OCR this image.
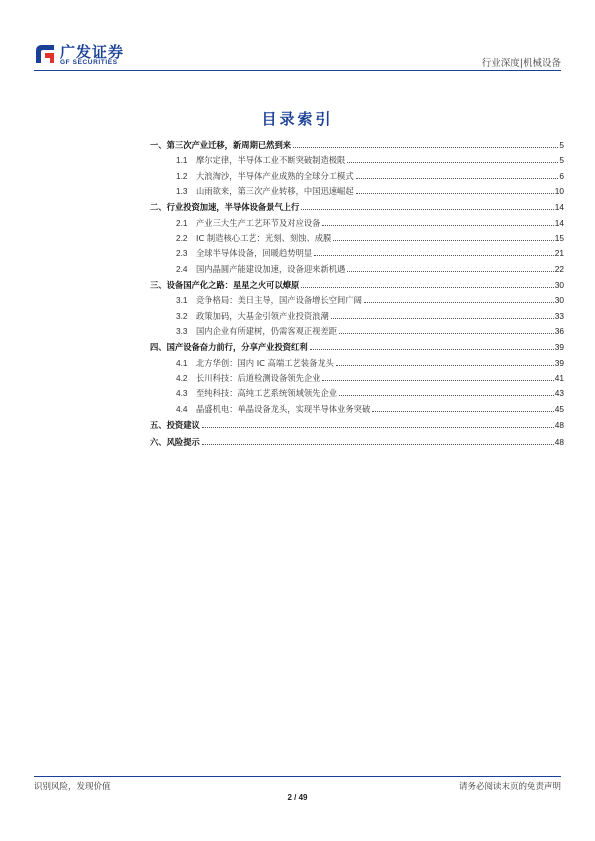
广发证券
GF SECURITIES	行业深度|机械设备
目录索引
一、第三次产业迁移，新周期已然到来	5
1.1	摩尔定律，半导体工业不断突破制造极限	5
1.2	大浪淘沙，半导体产业成熟的全球分工模式	6
1.3	山雨欲来，第三次产业转移，中国迅速崛起	10
二、行业投资加速，半导体设备景气上行	14
2.1	产业三大生产工艺环节及对应设备	14
2.2	IC 制造核心工艺：光刻、刻蚀、成膜	15
2.3	全球半导体设备，回暖趋势明显	21
2.4	国内晶圆产能建设加速，设备迎来新机遇	22
三、设备国产化之路：星星之火可以燎原	30
3.1	竞争格局：美日主导，国产设备增长空间广阔	30
3.2	政策加码，大基金引领产业投资浪潮	33
3.3	国内企业有所建树，仍需客观正视差距	36
四、国产设备奋力前行，分享产业投资红利	39
4.1	北方华创：国内 IC 高端工艺装备龙头	39
4.2	长川科技：后道检测设备领先企业	41
4.3	至纯科技：高纯工艺系统领域领先企业	43
4.4	晶盛机电：单晶设备龙头，实现半导体业务突破	45
五、投资建议	48
六、风险提示	48
识别风险，发现价值	请务必阅读末页的免责声明
2 / 49
